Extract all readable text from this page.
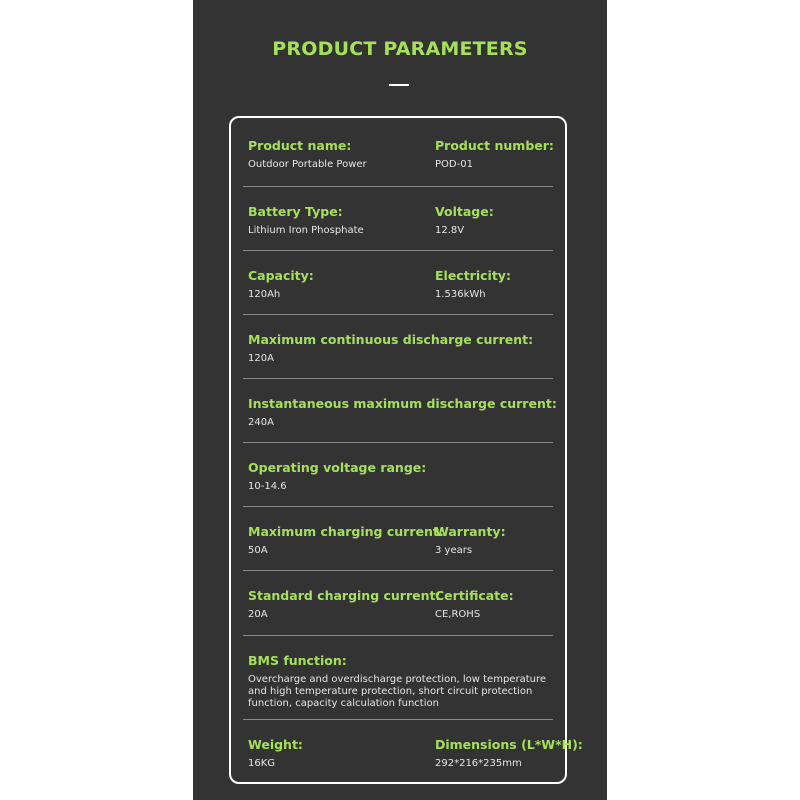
PRODUCT PARAMETERS
Product name:
Outdoor Portable Power
Product number:
POD-01
Battery Type:
Lithium Iron Phosphate
Voltage:
12.8V
Capacity:
120Ah
Electricity:
1.536kWh
Maximum continuous discharge current:
120A
Instantaneous maximum discharge current:
240A
Operating voltage range:
10-14.6
Maximum charging current:
50A
Warranty:
3 years
Standard charging current:
20A
Certificate:
CE,ROHS
BMS function:
Overcharge and overdischarge protection, low temperature and high temperature protection, short circuit protection function, capacity calculation function
Weight:
16KG
Dimensions (L*W*H):
292*216*235mm
